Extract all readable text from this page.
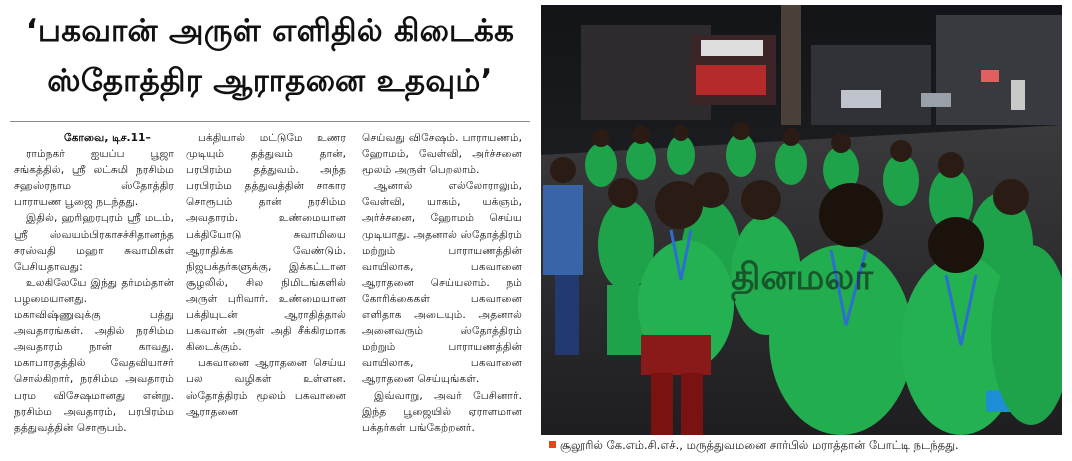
‘பகவான் அருள் எளிதில் கிடைக்க
ஸ்தோத்திர ஆராதனை உதவும்’

கோவை, டிச.11–

ராம்நகர் ஐயப்ப பூஜா சங்கத்தில், ஸ்ரீ லட்சுமி நரசிம்ம சஹஸ்ரநாம ஸ்தோத்திர பாராயண பூஜை நடந்தது.

இதில், ஹரிஹரபுரம் ஸ்ரீ மடம், ஸ்ரீ ஸ்வயம்பிரகாசச்சிதானந்த சரஸ்வதி மஹா சுவாமிகள் பேசியதாவது:

உலகிலேயே இந்து தர்மம்தான் பழமையானது. மகாவிஷ்ணுவுக்கு பத்து அவதாரங்கள். அதில் நரசிம்ம அவதாரம் நான் காவது. மகாபாரதத்தில் வேதவியாசர் சொல்கிறார், நரசிம்ம அவதாரம் பரம விசேஷமானது என்று. நரசிம்ம அவதாரம், பரபிரம்ம தத்துவத்தின் சொரூபம்.

பக்தியால் மட்டுமே உணர முடியும் தத்துவம் தான், பரபிரம்ம தத்துவம். அந்த பரபிரம்ம தத்துவத்தின் சாகார சொரூபம் தான் நரசிம்ம அவதாரம். உண்மையான பக்தியோடு சுவாமியை ஆராதிக்க வேண்டும். நிஜபக்தர்களுக்கு, இக்கட்டான சூழலில், சில நிமிடங்களில் அருள் புரிவார். உண்மையான பக்தியுடன் ஆராதித்தால் பகவான் அருள் அதி சீக்கிரமாக கிடைக்கும்.

பகவானை ஆராதனை செய்ய பல வழிகள் உள்ளன. ஸ்தோத்திரம் மூலம் பகவானை ஆராதனை

செய்வது விசேஷம். பாராயணம், ஹோமம், வேள்வி, அர்ச்சனை மூலம் அருள் பெறலாம்.

ஆனால் எல்லோராலும், வேள்வி, யாகம், யக்ஞம், அர்ச்சனை, ஹோமம் செய்ய முடியாது. அதனால் ஸ்தோத்திரம் மற்றும் பாராயணத்தின் வாயிலாக, பகவானை ஆராதனை செய்யலாம். நம் கோரிக்கைகள் பகவானை எளிதாக அடையும். அதனால் அனைவரும் ஸ்தோத்திரம் மற்றும் பாராயணத்தின் வாயிலாக, பகவானை ஆராதனை செய்யுங்கள்.

இவ்வாறு, அவர் பேசினார். இந்த பூஜையில் ஏராளமான பக்தர்கள் பங்கேற்றனர்.

தினமலர்
சூலூரில் கே.எம்.சி.எச்., மருத்துவமனை சார்பில் மராத்தான் போட்டி நடந்தது.
